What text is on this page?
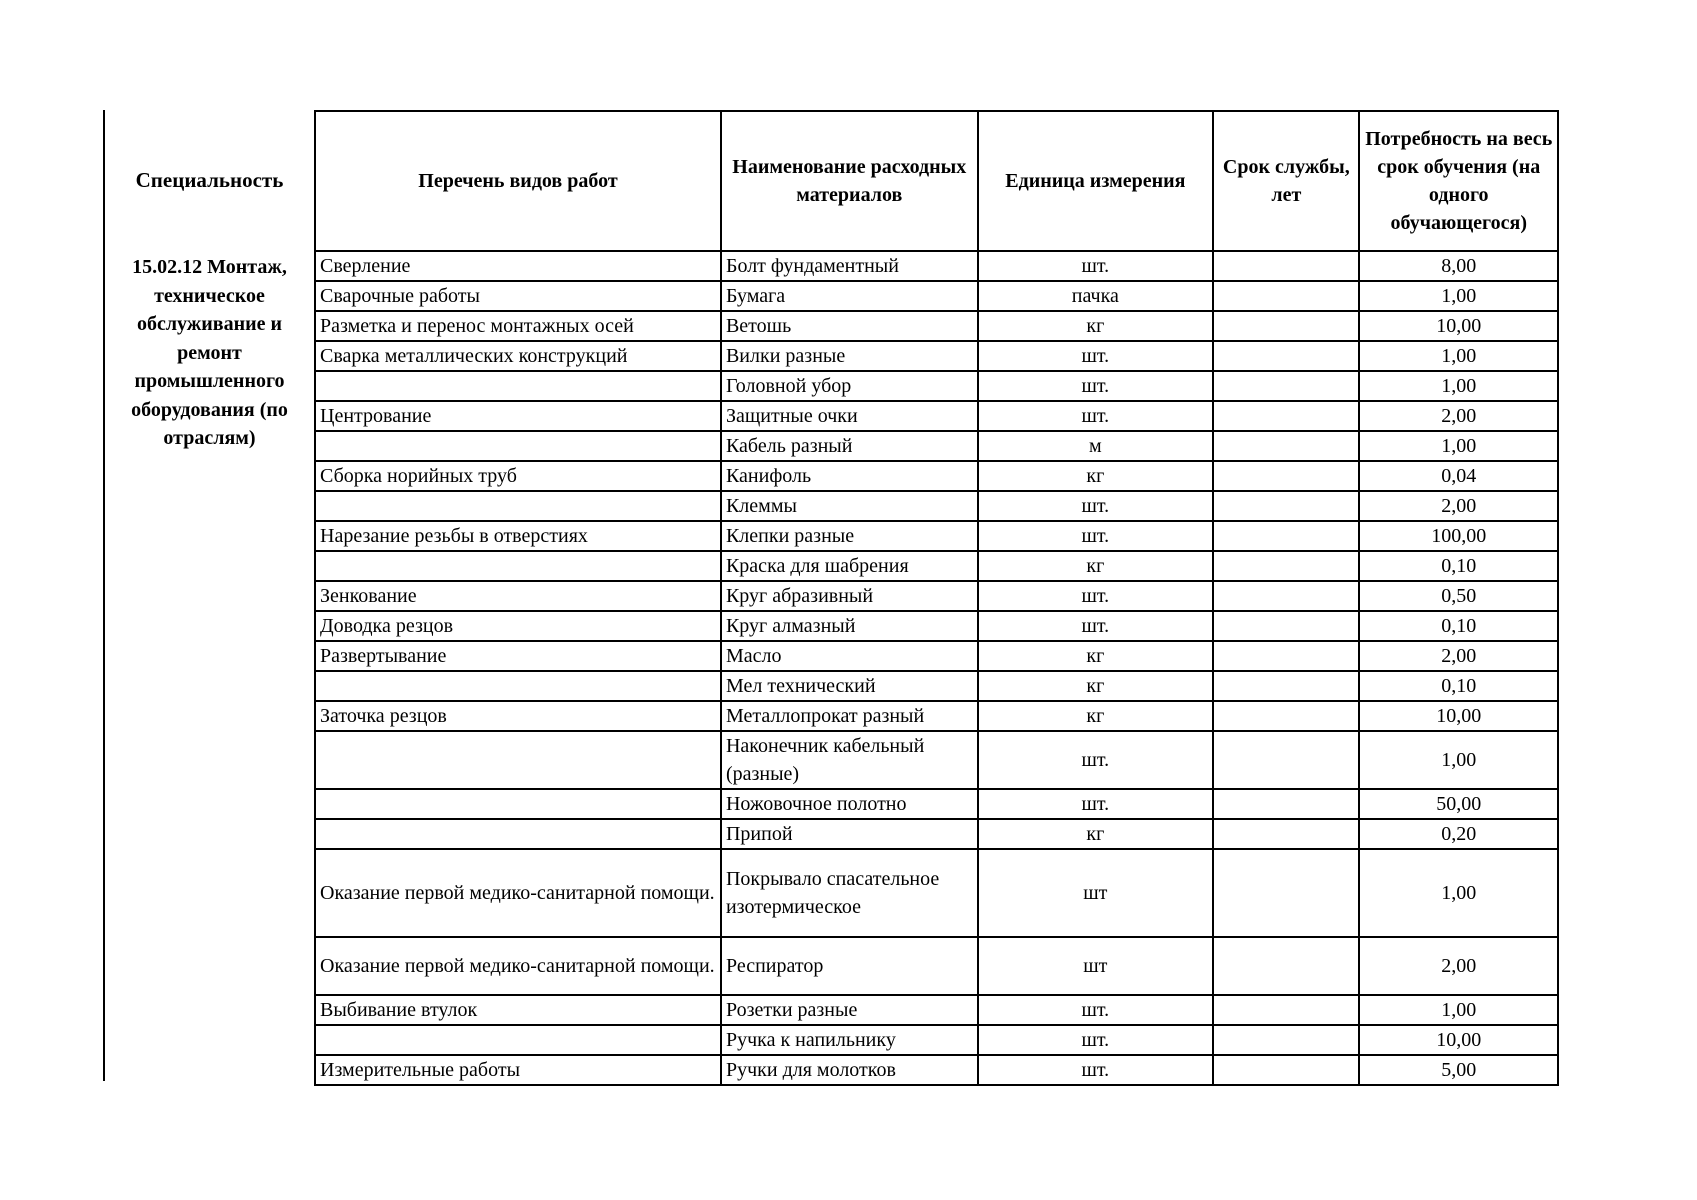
Специальность
15.02.12 Монтаж, техническое обслуживание и ремонт промышленного оборудования (по отраслям)
Перечень видов работ	Наименование расходных материалов	Единица измерения	Срок службы, лет	Потребность на весь срок обучения (на одного обучающегося)
Сверление	Болт фундаментный	шт.		8,00
Сварочные работы	Бумага	пачка		1,00
Разметка и перенос монтажных осей	Ветошь	кг		10,00
Сварка металлических конструкций	Вилки разные	шт.		1,00
	Головной убор	шт.		1,00
Центрование	Защитные очки	шт.		2,00
	Кабель разный	м		1,00
Сборка норийных труб	Канифоль	кг		0,04
	Клеммы	шт.		2,00
Нарезание резьбы в отверстиях	Клепки разные	шт.		100,00
	Краска для шабрения	кг		0,10
Зенкование	Круг абразивный	шт.		0,50
Доводка резцов	Круг алмазный	шт.		0,10
Развертывание	Масло	кг		2,00
	Мел технический	кг		0,10
Заточка резцов	Металлопрокат разный	кг		10,00
	Наконечник кабельный (разные)	шт.		1,00
	Ножовочное полотно	шт.		50,00
	Припой	кг		0,20
Оказание первой медико-санитарной помощи.	Покрывало спасательное изотермическое	шт		1,00
Оказание первой медико-санитарной помощи.	Респиратор	шт		2,00
Выбивание втулок	Розетки разные	шт.		1,00
	Ручка к напильнику	шт.		10,00
Измерительные работы	Ручки для молотков	шт.		5,00
